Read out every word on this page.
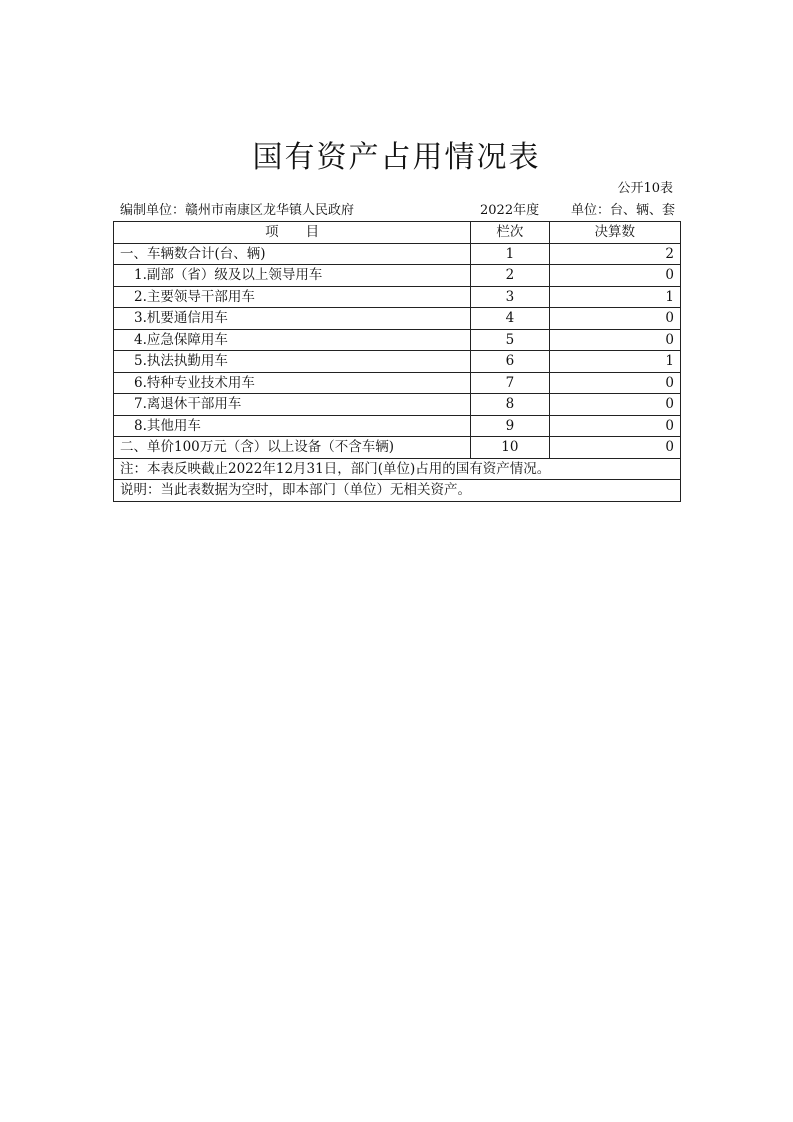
国有资产占用情况表
公开10表
编制单位：赣州市南康区龙华镇人民政府	2022年度 单位：台、辆、套
项　　目	栏次	决算数
一、车辆数合计(台、辆)	1	2
1.副部（省）级及以上领导用车	2	0
2.主要领导干部用车	3	1
3.机要通信用车	4	0
4.应急保障用车	5	0
5.执法执勤用车	6	1
6.特种专业技术用车	7	0
7.离退休干部用车	8	0
8.其他用车	9	0
二、单价100万元（含）以上设备（不含车辆)	10	0
注：本表反映截止2022年12月31日，部门(单位)占用的国有资产情况。		
说明：当此表数据为空时，即本部门（单位）无相关资产。		
